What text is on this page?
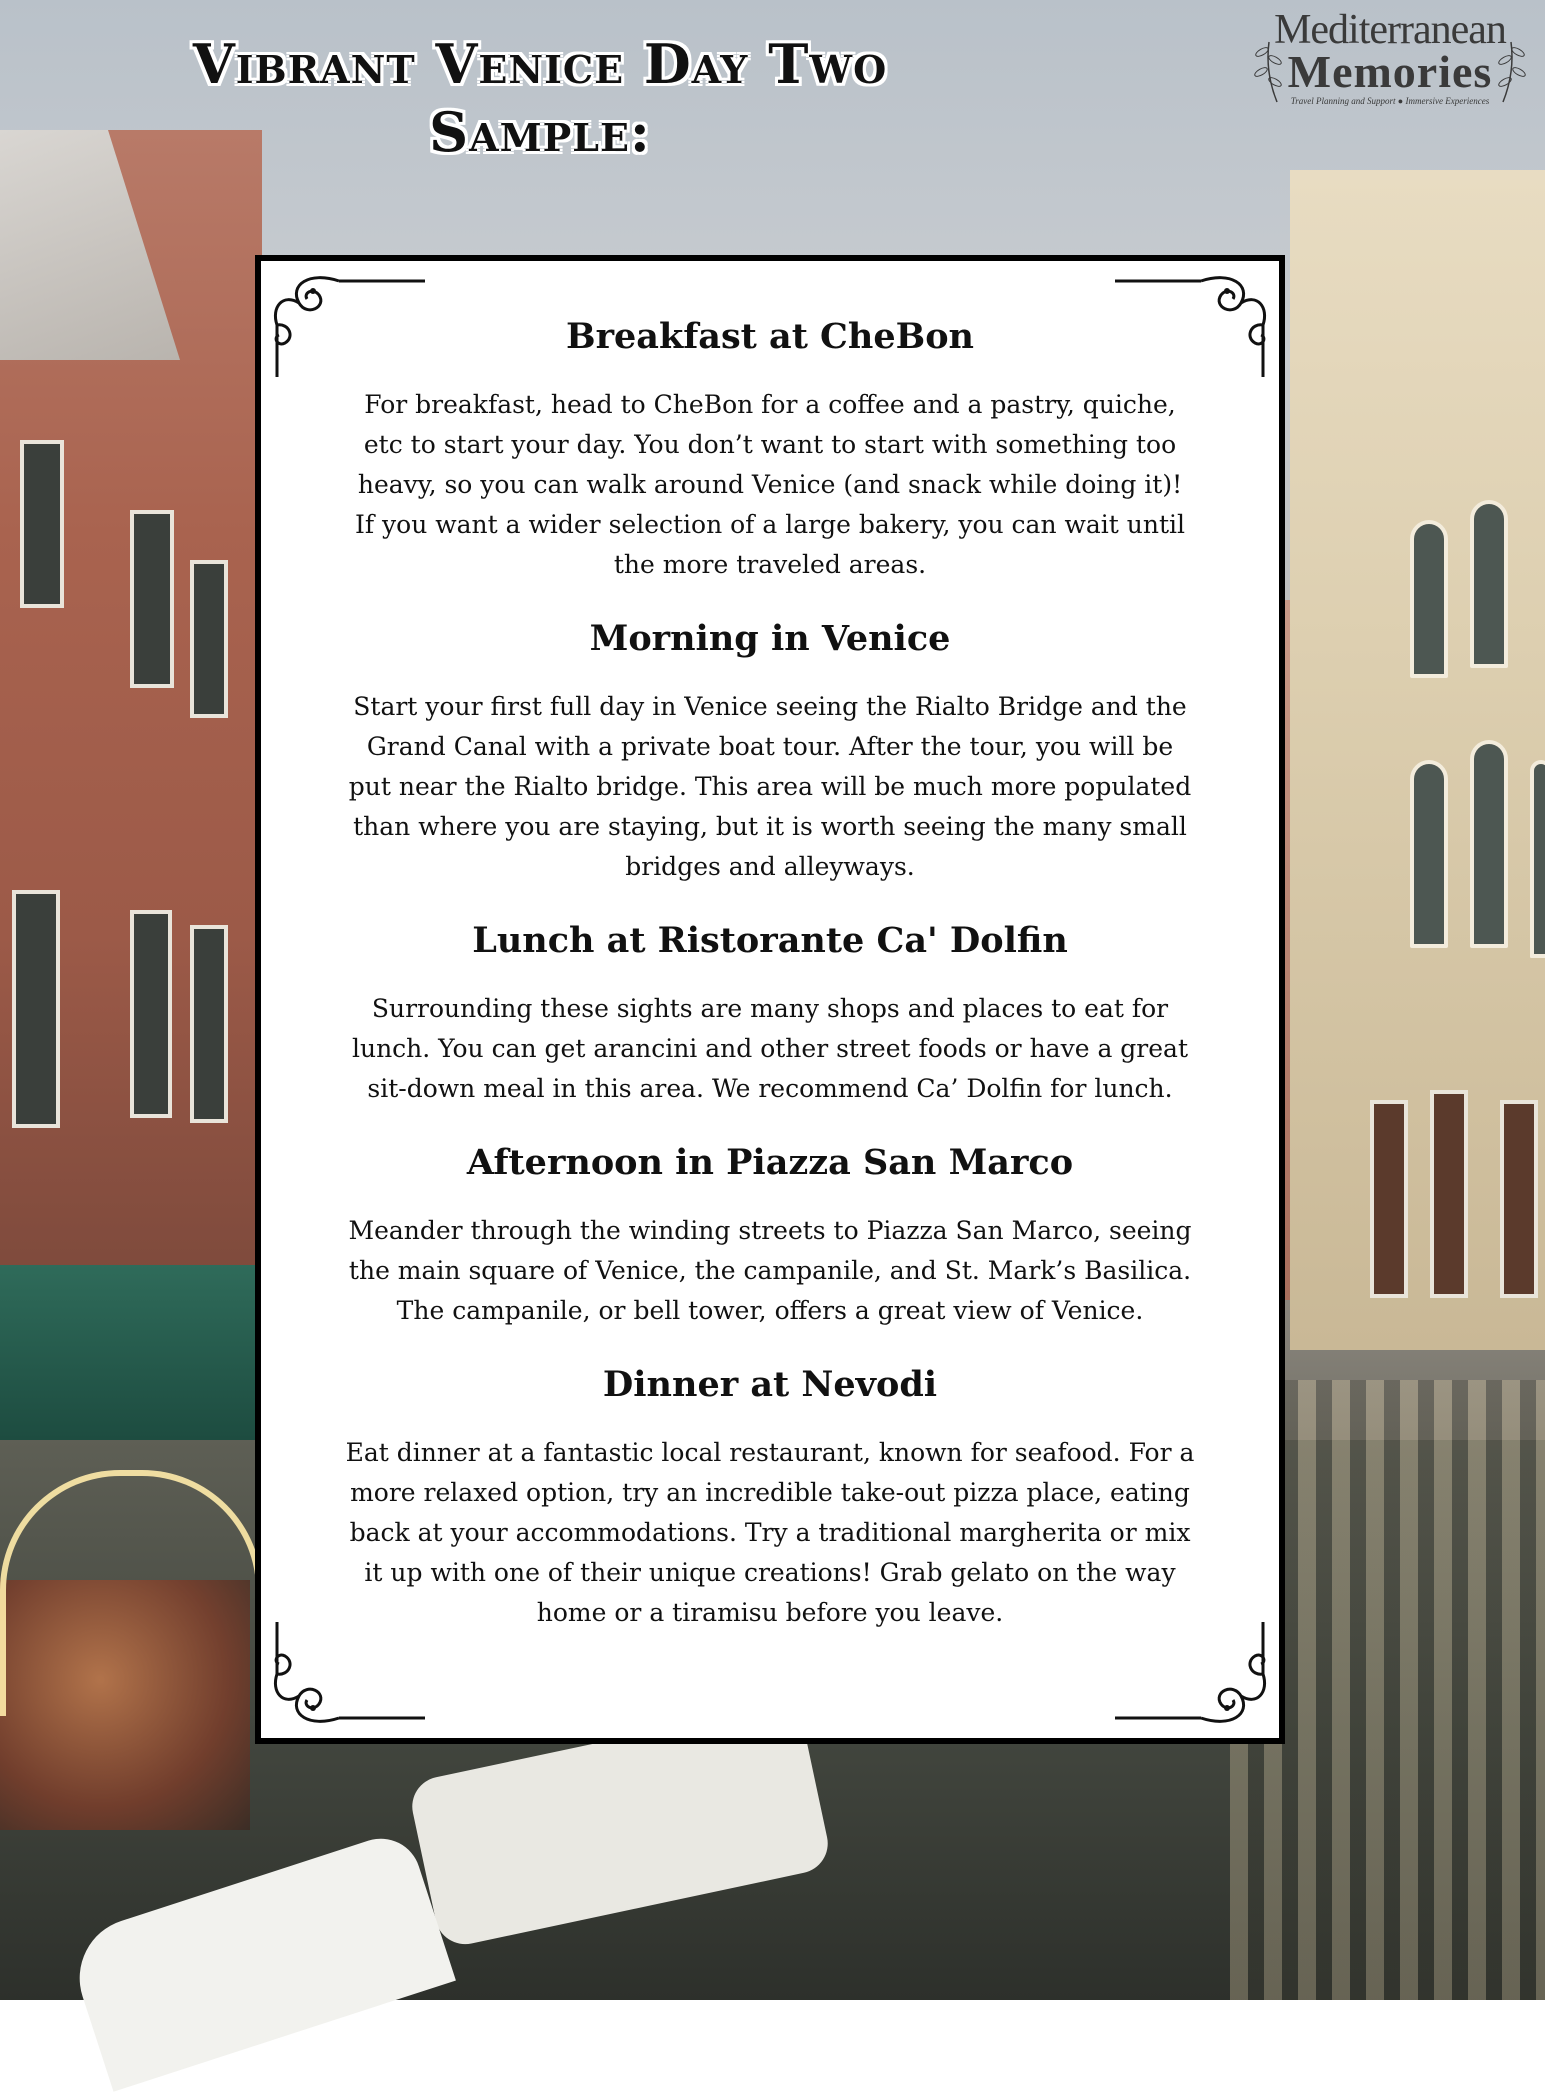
Vibrant Venice Day Two
Sample:
Mediterranean
Memories
Travel Planning and Support ● Immersive Experiences
Breakfast at CheBon

For breakfast, head to CheBon for a coffee and a pastry, quiche, etc to start your day. You don’t want to start with something too heavy, so you can walk around Venice (and snack while doing it)! If you want a wider selection of a large bakery, you can wait until the more traveled areas.

Morning in Venice

Start your first full day in Venice seeing the Rialto Bridge and the Grand Canal with a private boat tour. After the tour, you will be put near the Rialto bridge. This area will be much more populated than where you are staying, but it is worth seeing the many small bridges and alleyways.

Lunch at Ristorante Ca' Dolfin

Surrounding these sights are many shops and places to eat for lunch. You can get arancini and other street foods or have a great sit-down meal in this area. We recommend Ca’ Dolfin for lunch.

Afternoon in Piazza San Marco

Meander through the winding streets to Piazza San Marco, seeing the main square of Venice, the campanile, and St. Mark’s Basilica. The campanile, or bell tower, offers a great view of Venice.

Dinner at Nevodi

Eat dinner at a fantastic local restaurant, known for seafood. For a more relaxed option, try an incredible take-out pizza place, eating back at your accommodations. Try a traditional margherita or mix it up with one of their unique creations! Grab gelato on the way home or a tiramisu before you leave.
